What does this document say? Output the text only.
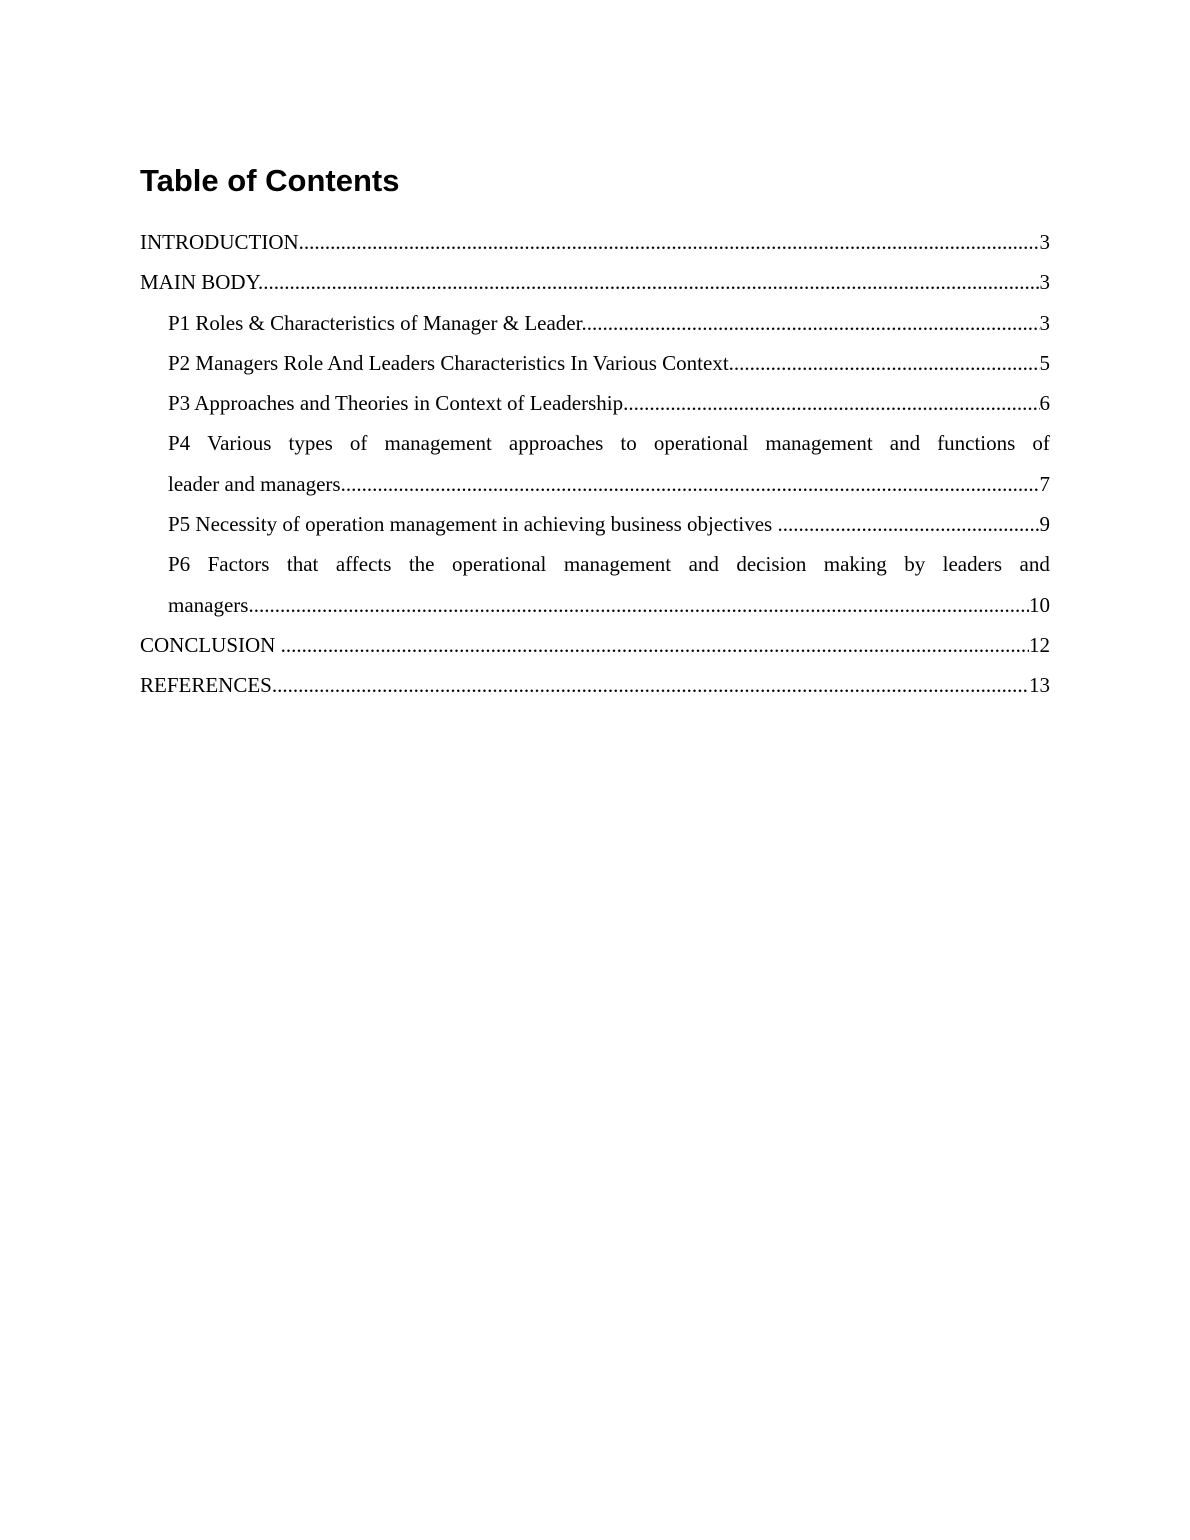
Table of Contents
INTRODUCTION .....	3
MAIN BODY .....	3
P1 Roles & Characteristics of Manager & Leader .....	3
P2 Managers Role And Leaders Characteristics In Various Context .....	5
P3 Approaches and Theories in Context of Leadership .....	6
P4 Various types of management approaches to operational management and functions of
leader and managers .....	7
P5 Necessity of operation management in achieving business objectives  .....	9
P6 Factors that affects the operational management and decision making by leaders and
managers .....	10
CONCLUSION  .....	12
REFERENCES .....	13
